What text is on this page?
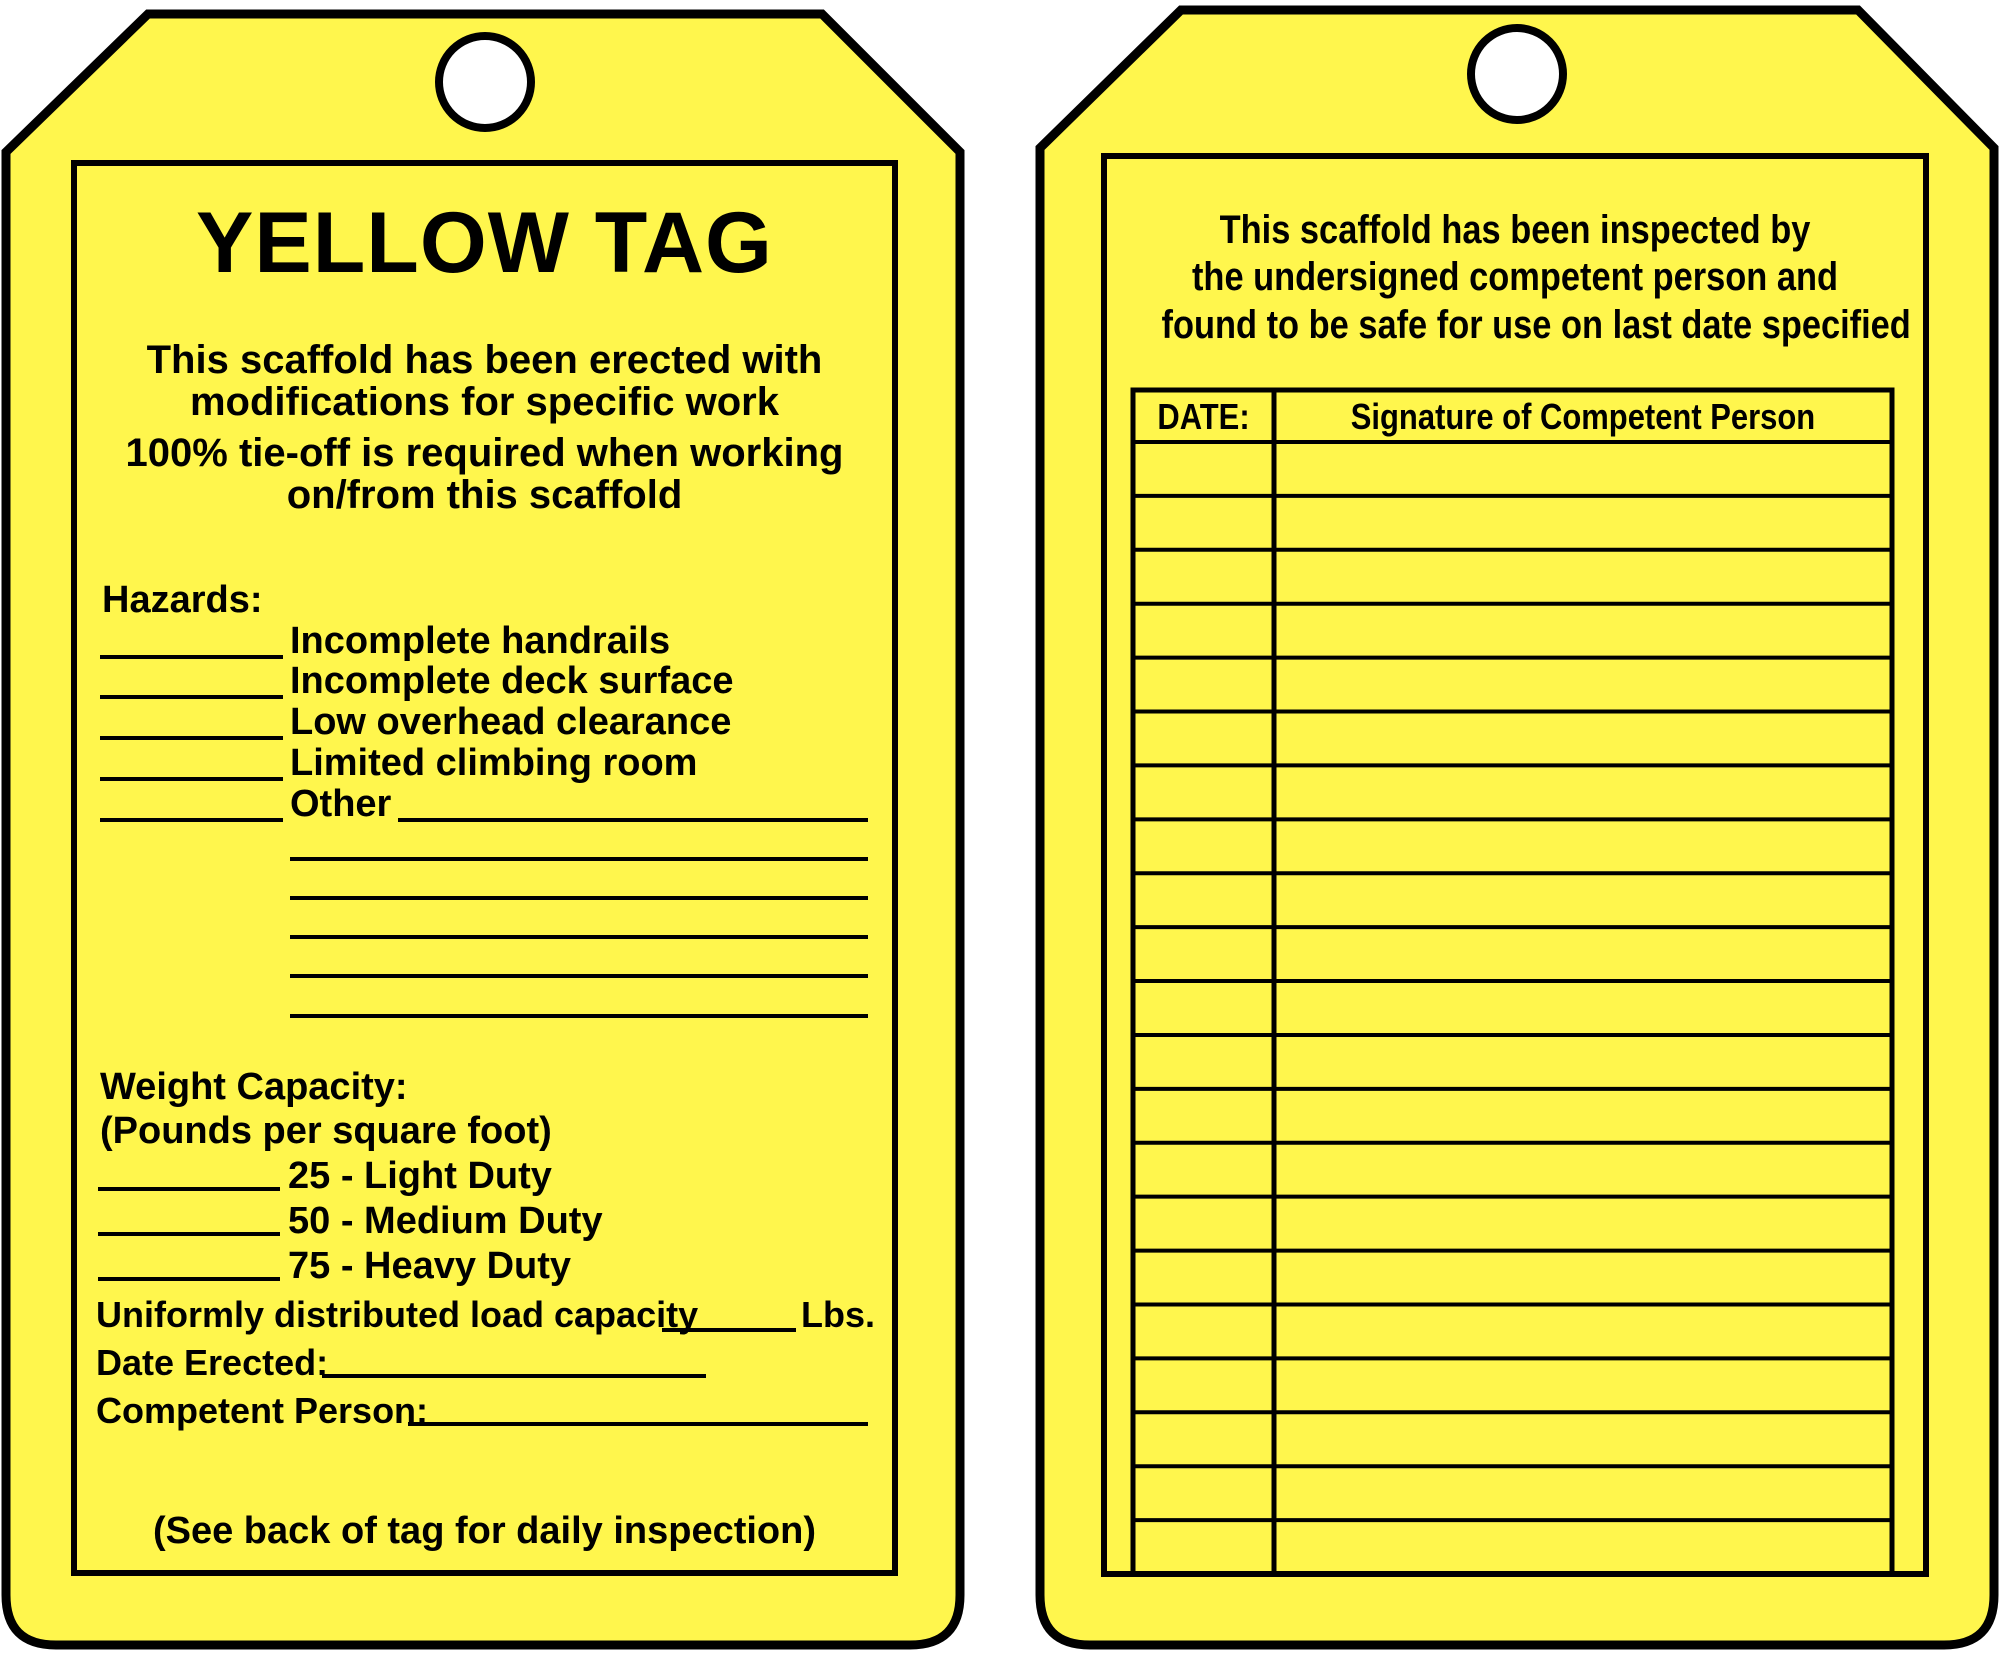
YELLOW TAG
This scaffold has been erected with
modifications for specific work
100% tie-off is required when working
on/from this scaffold
Hazards:
Incomplete handrails
Incomplete deck surface
Low overhead clearance
Limited climbing room
Other
Weight Capacity:
(Pounds per square foot)
25 - Light Duty
50 - Medium Duty
75 - Heavy Duty
Uniformly distributed load capacity	Lbs.
Date Erected:
Competent Person:
(See back of tag for daily inspection)
This scaffold has been inspected by
the undersigned competent person and
found to be safe for use on last date specified
DATE:	Signature of Competent Person
